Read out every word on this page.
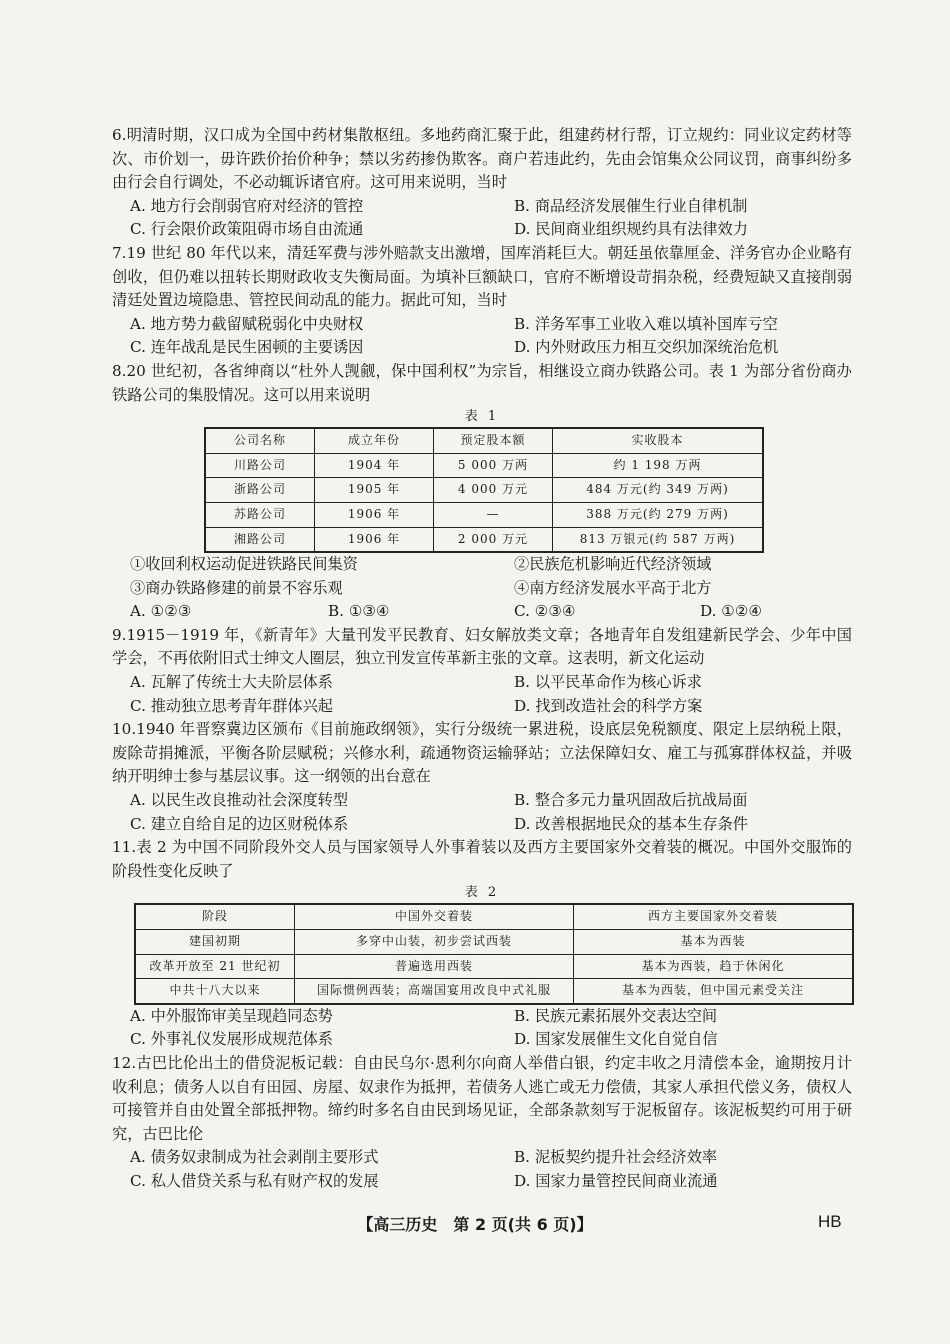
6.明清时期，汉口成为全国中药材集散枢纽。多地药商汇聚于此，组建药材行帮，订立规约：同业议定药材等次、市价划一，毋许跌价抬价种争；禁以劣药掺伪欺客。商户若违此约，先由会馆集众公同议罚，商事纠纷多由行会自行调处，不必动辄诉诸官府。这可用来说明，当时
A. 地方行会削弱官府对经济的管控	B. 商品经济发展催生行业自律机制
C. 行会限价政策阻碍市场自由流通	D. 民间商业组织规约具有法律效力
7.19 世纪 80 年代以来，清廷军费与涉外赔款支出激增，国库消耗巨大。朝廷虽依靠厘金、洋务官办企业略有创收，但仍难以扭转长期财政收支失衡局面。为填补巨额缺口，官府不断增设苛捐杂税，经费短缺又直接削弱清廷处置边境隐患、管控民间动乱的能力。据此可知，当时
A. 地方势力截留赋税弱化中央财权	B. 洋务军事工业收入难以填补国库亏空
C. 连年战乱是民生困顿的主要诱因	D. 内外财政压力相互交织加深统治危机
8.20 世纪初，各省绅商以“杜外人觊觎，保中国利权”为宗旨，相继设立商办铁路公司。表 1 为部分省份商办铁路公司的集股情况。这可以用来说明
表 1
公司名称	成立年份	预定股本额	实收股本
川路公司	1904 年	5 000 万两	约 1 198 万两
浙路公司	1905 年	4 000 万元	484 万元(约 349 万两)
苏路公司	1906 年	—	388 万元(约 279 万两)
湘路公司	1906 年	2 000 万元	813 万银元(约 587 万两)
①收回利权运动促进铁路民间集资	②民族危机影响近代经济领域
③商办铁路修建的前景不容乐观	④南方经济发展水平高于北方
A. ①②③	B. ①③④	C. ②③④	D. ①②④
9.1915－1919 年，《新青年》大量刊发平民教育、妇女解放类文章；各地青年自发组建新民学会、少年中国学会，不再依附旧式士绅文人圈层，独立刊发宣传革新主张的文章。这表明，新文化运动
A. 瓦解了传统士大夫阶层体系	B. 以平民革命作为核心诉求
C. 推动独立思考青年群体兴起	D. 找到改造社会的科学方案
10.1940 年晋察冀边区颁布《目前施政纲领》，实行分级统一累进税，设底层免税额度、限定上层纳税上限，废除苛捐摊派，平衡各阶层赋税；兴修水利，疏通物资运输驿站；立法保障妇女、雇工与孤寡群体权益，并吸纳开明绅士参与基层议事。这一纲领的出台意在
A. 以民生改良推动社会深度转型	B. 整合多元力量巩固敌后抗战局面
C. 建立自给自足的边区财税体系	D. 改善根据地民众的基本生存条件
11.表 2 为中国不同阶段外交人员与国家领导人外事着装以及西方主要国家外交着装的概况。中国外交服饰的阶段性变化反映了
表 2
阶段	中国外交着装	西方主要国家外交着装
建国初期	多穿中山装，初步尝试西装	基本为西装
改革开放至 21 世纪初	普遍选用西装	基本为西装，趋于休闲化
中共十八大以来	国际惯例西装；高端国宴用改良中式礼服	基本为西装，但中国元素受关注
A. 中外服饰审美呈现趋同态势	B. 民族元素拓展外交表达空间
C. 外事礼仪发展形成规范体系	D. 国家发展催生文化自觉自信
12.古巴比伦出土的借贷泥板记载：自由民乌尔·恩利尔向商人举借白银，约定丰收之月清偿本金，逾期按月计收利息；债务人以自有田园、房屋、奴隶作为抵押，若债务人逃亡或无力偿债，其家人承担代偿义务，债权人可接管并自由处置全部抵押物。缔约时多名自由民到场见证，全部条款刻写于泥板留存。该泥板契约可用于研究，古巴比伦
A. 债务奴隶制成为社会剥削主要形式	B. 泥板契约提升社会经济效率
C. 私人借贷关系与私有财产权的发展	D. 国家力量管控民间商业流通
【高三历史　第 2 页(共 6 页)】	HB
